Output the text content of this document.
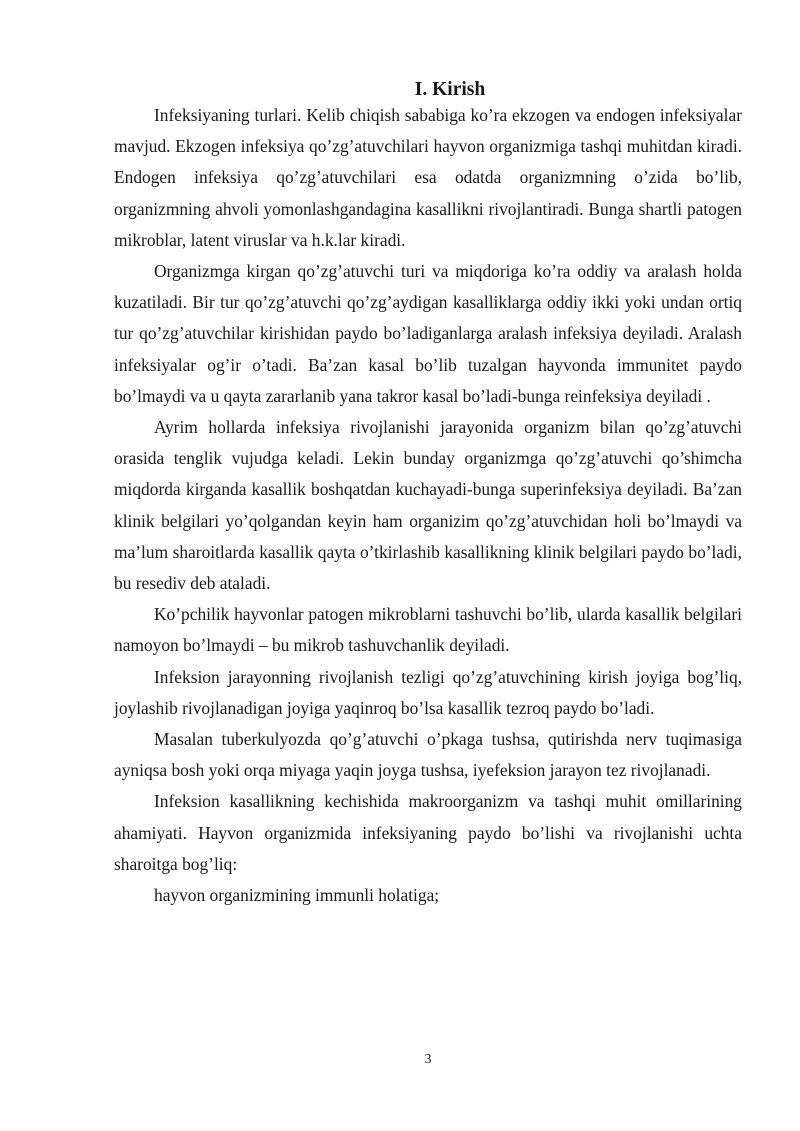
I. Kirish

Infeksiyaning turlari. Kelib chiqish sababiga ko’ra ekzogen va endogen infeksiyalar mavjud. Ekzogen infeksiya qo’zg’atuvchilari hayvon organizmiga tashqi muhitdan kiradi. Endogen infeksiya qo’zg’atuvchilari esa odatda organizmning o’zida bo’lib, organizmning ahvoli yomonlashgandagina kasallikni rivojlantiradi. Bunga shartli patogen mikroblar, latent viruslar va h.k.lar kiradi.

Organizmga kirgan qo’zg’atuvchi turi va miqdoriga ko’ra oddiy va aralash holda kuzatiladi. Bir tur qo’zg’atuvchi qo’zg’aydigan kasalliklarga oddiy ikki yoki undan ortiq tur qo’zg’atuvchilar kirishidan paydo bo’ladiganlarga aralash infeksiya deyiladi. Aralash infeksiyalar og’ir o’tadi. Ba’zan kasal bo’lib tuzalgan hayvonda immunitet paydo bo’lmaydi va u qayta zararlanib yana takror kasal bo’ladi-bunga reinfeksiya deyiladi .

Ayrim hollarda infeksiya rivojlanishi jarayonida organizm bilan qo’zg’atuvchi orasida tenglik vujudga keladi. Lekin bunday organizmga qo’zg’atuvchi qo’shimcha miqdorda kirganda kasallik boshqatdan kuchayadi-bunga superinfeksiya deyiladi. Ba’zan klinik belgilari yo’qolgandan keyin ham organizim qo’zg’atuvchidan holi bo’lmaydi va ma’lum sharoitlarda kasallik qayta o’tkirlashib kasallikning klinik belgilari paydo bo’ladi, bu resediv deb ataladi.

Ko’pchilik hayvonlar patogen mikroblarni tashuvchi bo’lib, ularda kasallik belgilari namoyon bo’lmaydi – bu mikrob tashuvchanlik deyiladi.

Infeksion jarayonning rivojlanish tezligi qo’zg’atuvchining kirish joyiga bog’liq, joylashib rivojlanadigan joyiga yaqinroq bo’lsa kasallik tezroq paydo bo’ladi.

Masalan tuberkulyozda qo’g’atuvchi o’pkaga tushsa, qutirishda nerv tuqimasiga ayniqsa bosh yoki orqa miyaga yaqin joyga tushsa, iyefeksion jarayon tez rivojlanadi.

Infeksion kasallikning kechishida makroorganizm va tashqi muhit omillarining ahamiyati. Hayvon organizmida infeksiyaning paydo bo’lishi va rivojlanishi uchta sharoitga bog’liq:

hayvon organizmining immunli holatiga;

3
